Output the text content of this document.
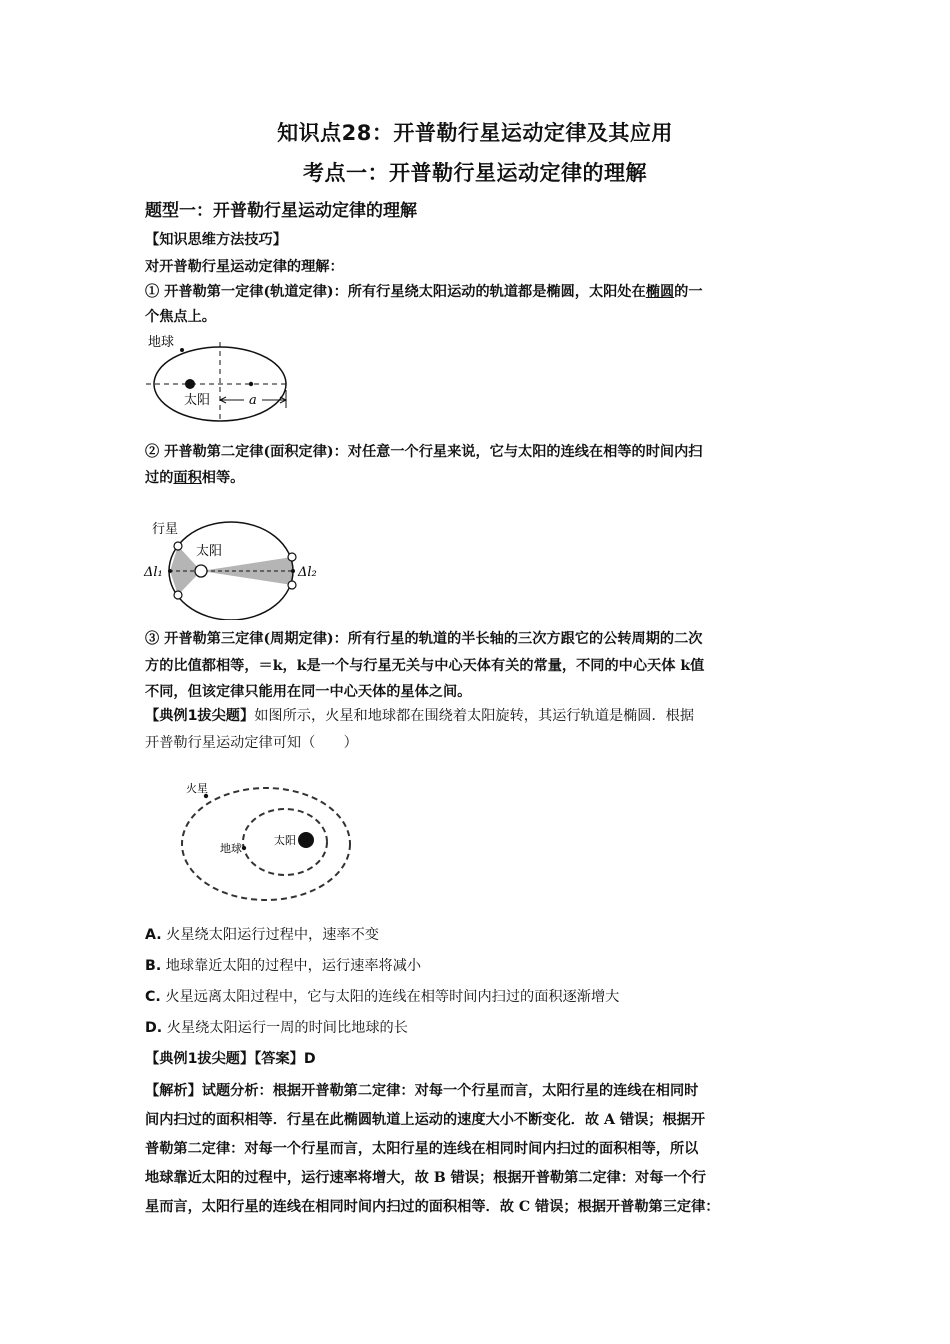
知识点28：开普勒行星运动定律及其应用
考点一：开普勒行星运动定律的理解
题型一：开普勒行星运动定律的理解
【知识思维方法技巧】
对开普勒行星运动定律的理解：
① 开普勒第一定律(轨道定律)：所有行星绕太阳运动的轨道都是椭圆，太阳处在椭圆的一
个焦点上。
地球
太阳	a
② 开普勒第二定律(面积定律)：对任意一个行星来说，它与太阳的连线在相等的时间内扫
过的面积相等。
行星
太阳
Δl₁	Δl₂
③ 开普勒第三定律(周期定律)：所有行星的轨道的半长轴的三次方跟它的公转周期的二次
方的比值都相等，＝k，k是一个与行星无关与中心天体有关的常量，不同的中心天体 k值
不同，但该定律只能用在同一中心天体的星体之间。
【典例1拔尖题】如图所示，火星和地球都在围绕着太阳旋转，其运行轨道是椭圆．根据
开普勒行星运动定律可知（　　）
火星
地球
太阳
A. 火星绕太阳运行过程中，速率不变
B. 地球靠近太阳的过程中，运行速率将减小
C. 火星远离太阳过程中，它与太阳的连线在相等时间内扫过的面积逐渐增大
D. 火星绕太阳运行一周的时间比地球的长
【典例1拔尖题】【答案】D
【解析】试题分析：根据开普勒第二定律：对每一个行星而言，太阳行星的连线在相同时
间内扫过的面积相等．行星在此椭圆轨道上运动的速度大小不断变化．故 A 错误；根据开
普勒第二定律：对每一个行星而言，太阳行星的连线在相同时间内扫过的面积相等，所以
地球靠近太阳的过程中，运行速率将增大，故 B 错误；根据开普勒第二定律：对每一个行
星而言，太阳行星的连线在相同时间内扫过的面积相等．故 C 错误；根据开普勒第三定律：
